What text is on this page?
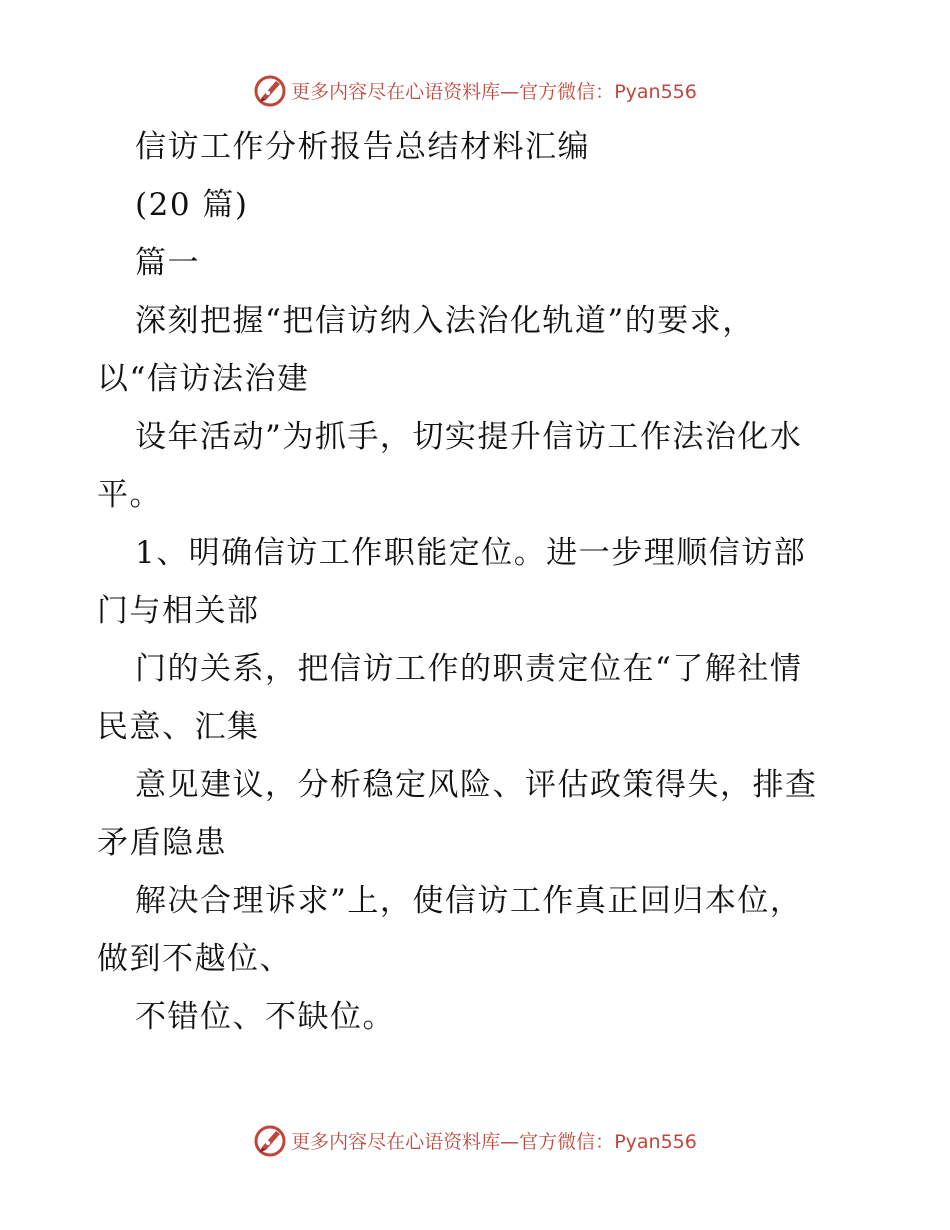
更多内容尽在心语资料库—官方微信：Pyan556
信访工作分析报告总结材料汇编
(20 篇)
篇一
深刻把握“把信访纳入法治化轨道”的要求，
以“信访法治建
设年活动”为抓手，切实提升信访工作法治化水
平。
1、明确信访工作职能定位。进一步理顺信访部
门与相关部
门的关系，把信访工作的职责定位在“了解社情
民意、汇集
意见建议，分析稳定风险、评估政策得失，排查
矛盾隐患
解决合理诉求”上，使信访工作真正回归本位，
做到不越位、
不错位、不缺位。
更多内容尽在心语资料库—官方微信：Pyan556
